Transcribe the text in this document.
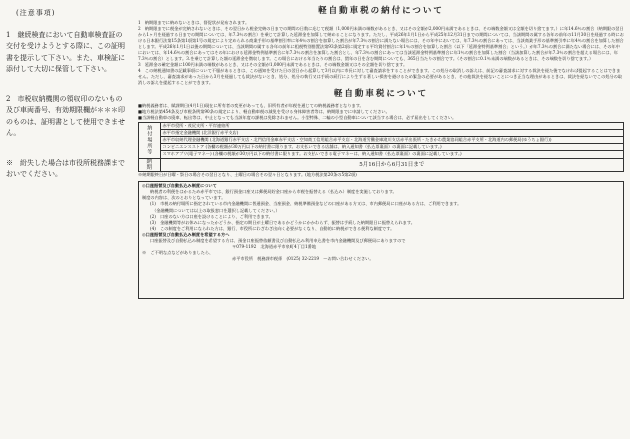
(注意事項)

1　継続検査において自動車検査証の交付を受けようとする際に、この証明書を提示して下さい。また、車検証に添付して大切に保管して下さい。

2　市税収納機関の領収印のないもの及び車両番号、有効期限欄が＊＊＊印のものは、証明書として使用できません。

※　紛失した場合は市役所税務課までおいでください。

軽自動車税の納付について

1　納期限までに納めないときは、督促状が発布されます。

2　納期限までに税金が完納されないときは、その翌日から税金完納の日までの期間の日数に応じて税額（1,000円未満の端数があるとき、又はその全額が2,000円未満であるときは、その端数金額又は全額を切り捨てます。）に年14.6％の割合（納期限の翌日から1ヶ月を経過する日までの期間については、年7.3％の割合）を乗じて計算した延滞金を加算して納めることになります。ただし、平成26年1月1日から平成25年12月31日までの期間については、当該期間の属する各年の前年の11月30日を経過する時における日本銀行法第15条第1項第1号の規定により定められる商業手形の基準割引率に年4％の割合を加算した割合が年7.3％の割合に満たない場合には、その年中においては、年7.3％の割合にあっては、当該商業手形の基準割引率に年4％の割合を加算した割合とします。平成26年1月1日以後の期間については、当該期間の属する各年の前年に租税特別措置法第93条第2項に規定する平均貸付割合に年1％の割合を加算した割合（以下「延滞金特例基準割合」という。）が年7.3％の割合に満たない場合には、その年中においては、年14.6％の割合にあってはその年における延滞金特例基準割合に年7.3％の割合を加算した割合とし、年7.3％の割合にあっては当該延滞金特例基準割合に年1％の割合を加算した割合（当該加算した割合が年7.3％の割合を超える場合には、年7.3％の割合）とします。3.を乗じて計算した額の延滞金を徴収します。この場合における年当たりの割合は、閏年の日を含む期間についても、365日当たりの割合です。（その割合に0.1％未満の端数があるときは、その端数を切り捨てます。）

3　延滞金の確定金額に100円未満の端数があるとき、又はその全額が1,000円未満であるときは、その端数金額又はその全額を切り捨てます。

4　この納税通知書の記載事項について不服があるときは、この通知を受けた日の翌日から起算して3月以内に市長に対して審査請求をすることができます。この処分の取消しの訴えは、前記の審査請求に対する裁決を経た後でなければ提起することはできません。ただし、審査請求があった日から3月を経過しても裁決がないとき、処分、処分の執行又は手続の続行により生ずる著しい損害を避けるため緊急の必要があるとき、その他裁決を経ないことにつき正当な理由があるときは、裁決を経ないでこの処分の取消しの訴えを提起することができます。

軽自動車税について

■納税義務者は、賦課期日(4月1日)現在に所有者の変更があっても、旧所有者が年税を通じての納税義務者となります。

■地方税法第454条及び市税条例第90条の規定により、軽自動車税の減免を受ける身体障害者等は、納期限までに申請してください。

■当該軽自動車の廃車、転出等は、中止となっても当該年度の課税は免除されません。小型特殊、二輪の小型自動車について該当する場合は、必ず届出をしてください。

納付場所等	赤平市役所・茂尻支所・平岸連絡所
	赤平市指定金融機関 (北洋銀行赤平支店)
	赤平市収納代理金融機関 (北海道銀行赤平支店・北門信用金庫赤平支店・空知商工信用組合赤平支店・北海道労働金庫滝川支店赤平出張所・たきかわ農業協同組合赤平支所・北海道内の郵便局(ゆうちょ銀行))
	コンビニエンスストア (各欄の税額が30万円以下の納付書に限ります。お支払いできる店舗は、納入通知書（払込票裏面）の裏面に記載しています。)
	スマホアプリ(電子マネー) (各欄の税額が30万円以下の納付書に限ります。お支払いできる電子マネーは、納入通知書（払込票裏面）の裏面に記載しています。)
納　　期	5月16日から6月31日まで

※納期限終日が日曜・祭日の場合その翌日となり、土曜日の場合その翌々日となります。(地方税法第20条の5第2項)

◎口座振替及び自動払込み制度について
納税者の利便をはかるため赤平市では、銀行預金口座又は郵便局貯金口座から市税を振替える（払込み）制度を実施しております。
制度の内容は、次のとおりとなっています。
(1)　市税の納付場所に指定されている市内金融機関に普通預金、当座預金、納税準備預金などの口座がある方又は、市内郵便局に口座がある方は、ご利用できます。
　（金融機関については以上の取扱窓口を選択し記載してください。）
(2)　口座のない方は口座を設けることにより、ご利用できます。
(3)　金融機関等がお休みになったかどうか、指定の期日が土曜日であるかどうかにかかわらず、振替は手続した納期限日に振替えられます。
(4)　この制度をご利用になられた方は、銀行、市役所にわざわざ出向く必要がなくなり、自動的に納税ができる便利な制度です。
◎口座振替及び自動払込み制度を希望する方へ
口座振替及び自動払込み制度を希望する方は、預金口座振替依頼書及び自動払込み利用申込書を市内金融機関及び郵便局にありますので
〒079-1192　北海道赤平市泉町4丁目1番地
※　ご不明な点などがありましたら、
赤平市役所　税務課市税係　(0125) 32-2219　〜お問い合わせください。
